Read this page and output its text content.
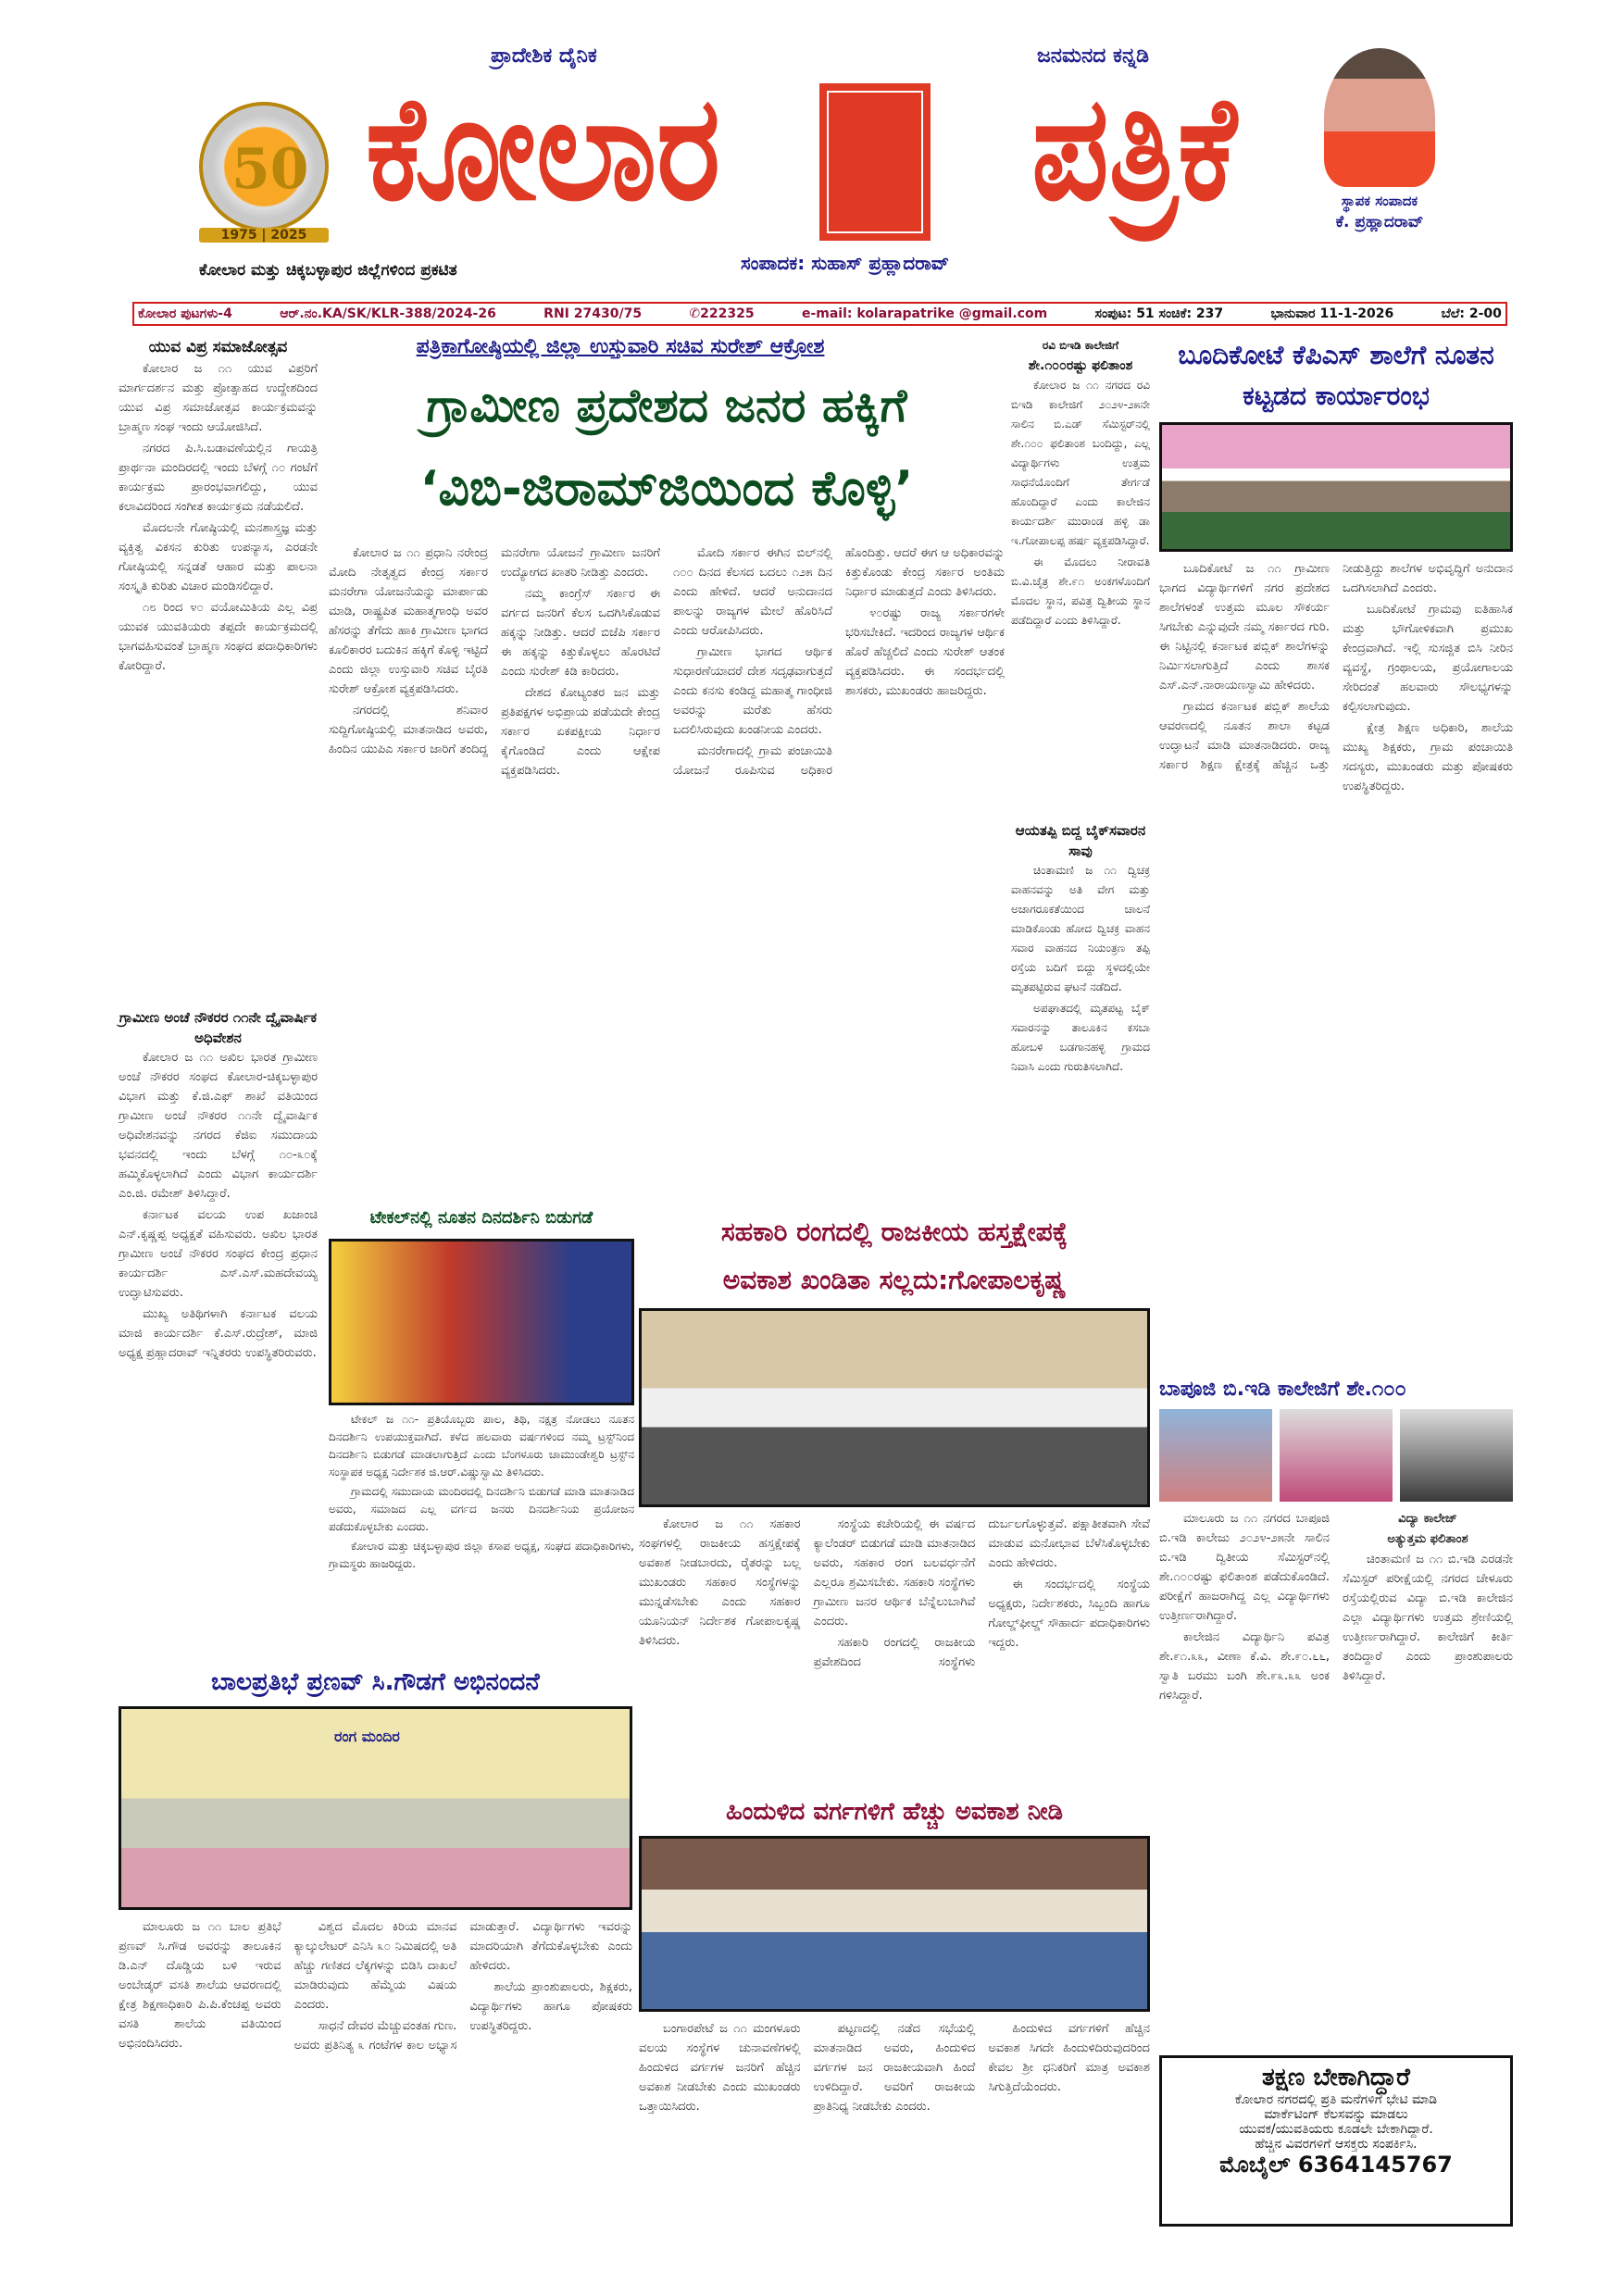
50
1975 | 2025
ಪ್ರಾದೇಶಿಕ ದೈನಿಕ	ಜನಮನದ ಕನ್ನಡಿ
ಕೋಲಾರ	ಪತ್ರಿಕೆ	ಸ್ಥಾಪಕ ಸಂಪಾದಕ
ಕೆ. ಪ್ರಹ್ಲಾದರಾವ್
ಕೋಲಾರ ಮತ್ತು ಚಿಕ್ಕಬಳ್ಳಾಪುರ ಜಿಲ್ಲೆಗಳಿಂದ ಪ್ರಕಟಿತ	ಸಂಪಾದಕ: ಸುಹಾಸ್ ಪ್ರಹ್ಲಾದರಾವ್
ಕೋಲಾರ ಪುಟಗಳು-4	ಆರ್.ನಂ.KA/SK/KLR-388/2024-26	RNI 27430/75	✆222325	e-mail: kolarapatrike @gmail.com	ಸಂಪುಟ: 51 ಸಂಚಿಕೆ: 237	ಭಾನುವಾರ 11-1-2026	ಬೆಲೆ: 2-00
ಯುವ ವಿಪ್ರ ಸಮಾಜೋತ್ಸವ

ಕೋಲಾರ ಜ ೧೧ ಯುವ ವಿಪ್ರರಿಗೆ ಮಾರ್ಗದರ್ಶನ ಮತ್ತು ಪ್ರೋತ್ಸಾಹದ ಉದ್ದೇಶದಿಂದ ಯುವ ವಿಪ್ರ ಸಮಾಜೋತ್ಸವ ಕಾರ್ಯಕ್ರಮವನ್ನು ಬ್ರಾಹ್ಮಣ ಸಂಘ ಇಂದು ಆಯೋಜಿಸಿದೆ.

ನಗರದ ಪಿ.ಸಿ.ಬಡಾವಣೆಯಲ್ಲಿನ ಗಾಯತ್ರಿ ಪ್ರಾರ್ಥನಾ ಮಂದಿರದಲ್ಲಿ ಇಂದು ಬೆಳಗ್ಗೆ ೧೦ ಗಂಟೆಗೆ ಕಾರ್ಯಕ್ರಮ ಪ್ರಾರಂಭವಾಗಲಿದ್ದು, ಯುವ ಕಲಾವಿದರಿಂದ ಸಂಗೀತ ಕಾರ್ಯಕ್ರಮ ನಡೆಯಲಿದೆ.

ಮೊದಲನೇ ಗೋಷ್ಠಿಯಲ್ಲಿ ಮನಶಾಸ್ತ್ರಜ್ಞ ಮತ್ತು ವ್ಯಕ್ತಿತ್ವ ವಿಕಸನ ಕುರಿತು ಉಪನ್ಯಾಸ, ಎರಡನೇ ಗೋಷ್ಠಿಯಲ್ಲಿ ಸನ್ನಡತೆ ಆಹಾರ ಮತ್ತು ಪಾಲನಾ ಸಂಸ್ಕೃತಿ ಕುರಿತು ವಿಚಾರ ಮಂಡಿಸಲಿದ್ದಾರೆ.

೧೮ ರಿಂದ ೪೦ ವಯೋಮಿತಿಯ ಎಲ್ಲ ವಿಪ್ರ ಯುವಕ ಯುವತಿಯರು ತಪ್ಪದೇ ಕಾರ್ಯಕ್ರಮದಲ್ಲಿ ಭಾಗವಹಿಸುವಂತೆ ಬ್ರಾಹ್ಮಣ ಸಂಘದ ಪದಾಧಿಕಾರಿಗಳು ಕೋರಿದ್ದಾರೆ.

ಗ್ರಾಮೀಣ ಅಂಚೆ ನೌಕರರ ೧೧ನೇ ದ್ವೈವಾರ್ಷಿಕ ಅಧಿವೇಶನ

ಕೋಲಾರ ಜ ೧೧ ಅಖಿಲ ಭಾರತ ಗ್ರಾಮೀಣ ಅಂಚೆ ನೌಕರರ ಸಂಘದ ಕೋಲಾರ-ಚಿಕ್ಕಬಳ್ಳಾಪುರ ವಿಭಾಗ ಮತ್ತು ಕೆ.ಜಿ.ಎಫ್ ಶಾಖೆ ವತಿಯಿಂದ ಗ್ರಾಮೀಣ ಅಂಚೆ ನೌಕರರ ೧೧ನೇ ದ್ವೈವಾರ್ಷಿಕ ಅಧಿವೇಶನವನ್ನು ನಗರದ ಕೆಜಿಐ ಸಮುದಾಯ ಭವನದಲ್ಲಿ ಇಂದು ಬೆಳಗ್ಗೆ ೧೦-೩೦ಕ್ಕೆ ಹಮ್ಮಿಕೊಳ್ಳಲಾಗಿದೆ ಎಂದು ವಿಭಾಗ ಕಾರ್ಯದರ್ಶಿ ಎಂ.ಜಿ. ರಮೇಶ್ ತಿಳಿಸಿದ್ದಾರೆ.

ಕರ್ನಾಟಕ ವಲಯ ಉಪ ಖಜಾಂಚಿ ಎನ್.ಕೃಷ್ಣಪ್ಪ ಅಧ್ಯಕ್ಷತೆ ವಹಿಸುವರು. ಅಖಿಲ ಭಾರತ ಗ್ರಾಮೀಣ ಅಂಚೆ ನೌಕರರ ಸಂಘದ ಕೇಂದ್ರ ಪ್ರಧಾನ ಕಾರ್ಯದರ್ಶಿ ಎಸ್.ಎಸ್.ಮಹದೇವಯ್ಯ ಉದ್ಘಾಟಿಸುವರು.

ಮುಖ್ಯ ಅತಿಥಿಗಳಾಗಿ ಕರ್ನಾಟಕ ವಲಯ ಮಾಜಿ ಕಾರ್ಯದರ್ಶಿ ಕೆ.ಎಸ್.ರುದ್ರೇಶ್, ಮಾಜಿ ಅಧ್ಯಕ್ಷ ಪ್ರಹ್ಲಾದರಾವ್ ಇನ್ನಿತರರು ಉಪಸ್ಥಿತರಿರುವರು.

ಪತ್ರಿಕಾಗೋಷ್ಠಿಯಲ್ಲಿ ಜಿಲ್ಲಾ ಉಸ್ತುವಾರಿ ಸಚಿವ ಸುರೇಶ್ ಆಕ್ರೋಶ
ಗ್ರಾಮೀಣ ಪ್ರದೇಶದ ಜನರ ಹಕ್ಕಿಗೆ
‘ವಿಬಿ-ಜಿರಾಮ್‌ಜಿಯಿಂದ ಕೊಳ್ಳಿ’

ಕೋಲಾರ ಜ ೧೧ ಪ್ರಧಾನಿ ನರೇಂದ್ರ ಮೋದಿ ನೇತೃತ್ವದ ಕೇಂದ್ರ ಸರ್ಕಾರ ಮನರೇಗಾ ಯೋಜನೆಯನ್ನು ಮಾರ್ಪಾಡು ಮಾಡಿ, ರಾಷ್ಟ್ರಪಿತ ಮಹಾತ್ಮಗಾಂಧಿ ಅವರ ಹೆಸರನ್ನು ತೆಗೆದು ಹಾಕಿ ಗ್ರಾಮೀಣ ಭಾಗದ ಕೂಲಿಕಾರರ ಬದುಕಿನ ಹಕ್ಕಿಗೆ ಕೊಳ್ಳಿ ಇಟ್ಟಿದೆ ಎಂದು ಜಿಲ್ಲಾ ಉಸ್ತುವಾರಿ ಸಚಿವ ಬೈರತಿ ಸುರೇಶ್ ಆಕ್ರೋಶ ವ್ಯಕ್ತಪಡಿಸಿದರು.

ನಗರದಲ್ಲಿ ಶನಿವಾರ ಸುದ್ದಿಗೋಷ್ಠಿಯಲ್ಲಿ ಮಾತನಾಡಿದ ಅವರು, ಹಿಂದಿನ ಯುಪಿಎ ಸರ್ಕಾರ ಜಾರಿಗೆ ತಂದಿದ್ದ ಮನರೇಗಾ ಯೋಜನೆ ಗ್ರಾಮೀಣ ಜನರಿಗೆ ಉದ್ಯೋಗದ ಖಾತರಿ ನೀಡಿತ್ತು ಎಂದರು.

ನಮ್ಮ ಕಾಂಗ್ರೆಸ್ ಸರ್ಕಾರ ಈ ವರ್ಗದ ಜನರಿಗೆ ಕೆಲಸ ಒದಗಿಸಿಕೊಡುವ ಹಕ್ಕನ್ನು ನೀಡಿತ್ತು. ಆದರೆ ಬಿಜೆಪಿ ಸರ್ಕಾರ ಈ ಹಕ್ಕನ್ನು ಕಿತ್ತುಕೊಳ್ಳಲು ಹೊರಟಿದೆ ಎಂದು ಸುರೇಶ್ ಕಿಡಿ ಕಾರಿದರು.

ದೇಶದ ಕೋಟ್ಯಂತರ ಜನ ಮತ್ತು ಪ್ರತಿಪಕ್ಷಗಳ ಅಭಿಪ್ರಾಯ ಪಡೆಯದೇ ಕೇಂದ್ರ ಸರ್ಕಾರ ಏಕಪಕ್ಷೀಯ ನಿರ್ಧಾರ ಕೈಗೊಂಡಿದೆ ಎಂದು ಆಕ್ಷೇಪ ವ್ಯಕ್ತಪಡಿಸಿದರು.

ಮೋದಿ ಸರ್ಕಾರ ಈಗಿನ ಬಿಲ್‌ನಲ್ಲಿ ೧೦೦ ದಿನದ ಕೆಲಸದ ಬದಲು ೧೨೫ ದಿನ ಎಂದು ಹೇಳಿದೆ. ಆದರೆ ಅನುದಾನದ ಪಾಲನ್ನು ರಾಜ್ಯಗಳ ಮೇಲೆ ಹೊರಿಸಿದೆ ಎಂದು ಆರೋಪಿಸಿದರು.

ಗ್ರಾಮೀಣ ಭಾಗದ ಆರ್ಥಿಕ ಸುಧಾರಣೆಯಾದರೆ ದೇಶ ಸದೃಢವಾಗುತ್ತದೆ ಎಂದು ಕನಸು ಕಂಡಿದ್ದ ಮಹಾತ್ಮ ಗಾಂಧೀಜಿ ಅವರನ್ನು ಮರೆತು ಹೆಸರು ಬದಲಿಸಿರುವುದು ಖಂಡನೀಯ ಎಂದರು.

ಮನರೇಗಾದಲ್ಲಿ ಗ್ರಾಮ ಪಂಚಾಯಿತಿ ಯೋಜನೆ ರೂಪಿಸುವ ಅಧಿಕಾರ ಹೊಂದಿತ್ತು. ಆದರೆ ಈಗ ಆ ಅಧಿಕಾರವನ್ನು ಕಿತ್ತುಕೊಂಡು ಕೇಂದ್ರ ಸರ್ಕಾರ ಅಂತಿಮ ನಿರ್ಧಾರ ಮಾಡುತ್ತದೆ ಎಂದು ತಿಳಿಸಿದರು.

೪೦ರಷ್ಟು ರಾಜ್ಯ ಸರ್ಕಾರಗಳೇ ಭರಿಸಬೇಕಿದೆ. ಇದರಿಂದ ರಾಜ್ಯಗಳ ಆರ್ಥಿಕ ಹೊರೆ ಹೆಚ್ಚಲಿದೆ ಎಂದು ಸುರೇಶ್ ಆತಂಕ ವ್ಯಕ್ತಪಡಿಸಿದರು. ಈ ಸಂದರ್ಭದಲ್ಲಿ ಶಾಸಕರು, ಮುಖಂಡರು ಹಾಜರಿದ್ದರು.

ರವಿ ಬಿಇಡಿ ಕಾಲೇಜಿಗೆ
ಶೇ.೧೦೦ರಷ್ಟು ಫಲಿತಾಂಶ

ಕೋಲಾರ ಜ ೧೧ ನಗರದ ರವಿ ಬಿಇಡಿ ಕಾಲೇಜಿಗೆ ೨೦೨೪-೨೫ನೇ ಸಾಲಿನ ಬಿ.ಎಡ್ ಸೆಮಿಸ್ಟರ್‌ನಲ್ಲಿ ಶೇ.೧೦೦ ಫಲಿತಾಂಶ ಬಂದಿದ್ದು, ಎಲ್ಲ ವಿದ್ಯಾರ್ಥಿಗಳು ಉತ್ತಮ ಸಾಧನೆಯೊಂದಿಗೆ ತೇರ್ಗಡೆ ಹೊಂದಿದ್ದಾರೆ ಎಂದು ಕಾಲೇಜಿನ ಕಾರ್ಯದರ್ಶಿ ಮುರಾಂಡ ಹಳ್ಳಿ ಡಾ ಇ.ಗೋಪಾಲಪ್ಪ ಹರ್ಷ ವ್ಯಕ್ತಪಡಿಸಿದ್ದಾರೆ.

ಈ ಮೊದಲು ನೀರಾವತಿ ಬಿ.ವಿ.ಚೈತ್ರ ಶೇ.೯೧ ಅಂಕಗಳೊಂದಿಗೆ ಮೊದಲ ಸ್ಥಾನ, ಪವಿತ್ರ ದ್ವಿತೀಯ ಸ್ಥಾನ ಪಡೆದಿದ್ದಾರೆ ಎಂದು ತಿಳಿಸಿದ್ದಾರೆ.

ಆಯತಪ್ಪಿ ಬಿದ್ದ ಬೈಕ್‌ಸವಾರನ ಸಾವು

ಚಿಂತಾಮಣಿ ಜ ೧೧ ದ್ವಿಚಕ್ರ ವಾಹನವನ್ನು ಅತಿ ವೇಗ ಮತ್ತು ಅಜಾಗರೂಕತೆಯಿಂದ ಚಾಲನೆ ಮಾಡಿಕೊಂಡು ಹೋದ ದ್ವಿಚಕ್ರ ವಾಹನ ಸವಾರ ವಾಹನದ ನಿಯಂತ್ರಣ ತಪ್ಪಿ ರಸ್ತೆಯ ಬದಿಗೆ ಬಿದ್ದು ಸ್ಥಳದಲ್ಲಿಯೇ ಮೃತಪಟ್ಟಿರುವ ಘಟನೆ ನಡೆದಿದೆ.

ಅಪಘಾತದಲ್ಲಿ ಮೃತಪಟ್ಟ ಬೈಕ್ ಸವಾರನನ್ನು ತಾಲೂಕಿನ ಕಸಬಾ ಹೋಬಳಿ ಬಡಗಾನಹಳ್ಳಿ ಗ್ರಾಮದ ನಿವಾಸಿ ಎಂದು ಗುರುತಿಸಲಾಗಿದೆ.

ಬೂದಿಕೋಟೆ ಕೆಪಿಎಸ್ ಶಾಲೆಗೆ ನೂತನ ಕಟ್ಟಡದ ಕಾರ್ಯಾರಂಭ

ಬೂದಿಕೋಟೆ ಜ ೧೧ ಗ್ರಾಮೀಣ ಭಾಗದ ವಿದ್ಯಾರ್ಥಿಗಳಿಗೆ ನಗರ ಪ್ರದೇಶದ ಶಾಲೆಗಳಂತೆ ಉತ್ತಮ ಮೂಲ ಸೌಕರ್ಯ ಸಿಗಬೇಕು ಎನ್ನುವುದೇ ನಮ್ಮ ಸರ್ಕಾರದ ಗುರಿ. ಈ ನಿಟ್ಟಿನಲ್ಲಿ ಕರ್ನಾಟಕ ಪಬ್ಲಿಕ್ ಶಾಲೆಗಳನ್ನು ನಿರ್ಮಿಸಲಾಗುತ್ತಿದೆ ಎಂದು ಶಾಸಕ ಎಸ್.ಎನ್.ನಾರಾಯಣಸ್ವಾಮಿ ಹೇಳಿದರು.

ಗ್ರಾಮದ ಕರ್ನಾಟಕ ಪಬ್ಲಿಕ್ ಶಾಲೆಯ ಆವರಣದಲ್ಲಿ ನೂತನ ಶಾಲಾ ಕಟ್ಟಡ ಉದ್ಘಾಟನೆ ಮಾಡಿ ಮಾತನಾಡಿದರು. ರಾಜ್ಯ ಸರ್ಕಾರ ಶಿಕ್ಷಣ ಕ್ಷೇತ್ರಕ್ಕೆ ಹೆಚ್ಚಿನ ಒತ್ತು ನೀಡುತ್ತಿದ್ದು ಶಾಲೆಗಳ ಅಭಿವೃದ್ಧಿಗೆ ಅನುದಾನ ಒದಗಿಸಲಾಗಿದೆ ಎಂದರು.

ಬೂದಿಕೋಟೆ ಗ್ರಾಮವು ಐತಿಹಾಸಿಕ ಮತ್ತು ಭೌಗೋಳಿಕವಾಗಿ ಪ್ರಮುಖ ಕೇಂದ್ರವಾಗಿದೆ. ಇಲ್ಲಿ ಸುಸಜ್ಜಿತ ಬಿಸಿ ನೀರಿನ ವ್ಯವಸ್ಥೆ, ಗ್ರಂಥಾಲಯ, ಪ್ರಯೋಗಾಲಯ ಸೇರಿದಂತೆ ಹಲವಾರು ಸೌಲಭ್ಯಗಳನ್ನು ಕಲ್ಪಿಸಲಾಗುವುದು.

ಕ್ಷೇತ್ರ ಶಿಕ್ಷಣ ಅಧಿಕಾರಿ, ಶಾಲೆಯ ಮುಖ್ಯ ಶಿಕ್ಷಕರು, ಗ್ರಾಮ ಪಂಚಾಯಿತಿ ಸದಸ್ಯರು, ಮುಖಂಡರು ಮತ್ತು ಪೋಷಕರು ಉಪಸ್ಥಿತರಿದ್ದರು.

ಬಾಪೂಜಿ ಬಿ.ಇಡಿ ಕಾಲೇಜಿಗೆ ಶೇ.೧೦೦

ಮಾಲೂರು ಜ ೧೧ ನಗರದ ಬಾಪೂಜಿ ಬಿ.ಇಡಿ ಕಾಲೇಜು ೨೦೨೪-೨೫ನೇ ಸಾಲಿನ ಬಿ.ಇಡಿ ದ್ವಿತೀಯ ಸೆಮಿಸ್ಟರ್‌ನಲ್ಲಿ ಶೇ.೧೦೦ರಷ್ಟು ಫಲಿತಾಂಶ ಪಡೆದುಕೊಂಡಿದೆ. ಪರೀಕ್ಷೆಗೆ ಹಾಜರಾಗಿದ್ದ ಎಲ್ಲ ವಿದ್ಯಾರ್ಥಿಗಳು ಉತ್ತೀರ್ಣರಾಗಿದ್ದಾರೆ.

ಕಾಲೇಜಿನ ವಿದ್ಯಾರ್ಥಿನಿ ಪವಿತ್ರ ಶೇ.೯೧.೩೩, ವೀಣಾ ಕೆ.ವಿ. ಶೇ.೯೦.೬೬, ಸ್ವಾತಿ ಬರಮು ಬಂಗಿ ಶೇ.೯೩.೩೩ ಅಂಕ ಗಳಿಸಿದ್ದಾರೆ.

ವಿದ್ಯಾ ಕಾಲೇಜ್
ಅತ್ಯುತ್ತಮ ಫಲಿತಾಂಶ

ಚಿಂತಾಮಣಿ ಜ ೧೧ ಬಿ.ಇಡಿ ಎರಡನೇ ಸೆಮಿಸ್ಟರ್ ಪರೀಕ್ಷೆಯಲ್ಲಿ ನಗರದ ಚೇಳೂರು ರಸ್ತೆಯಲ್ಲಿರುವ ವಿದ್ಯಾ ಬಿ.ಇಡಿ ಕಾಲೇಜಿನ ಎಲ್ಲಾ ವಿದ್ಯಾರ್ಥಿಗಳು ಉತ್ತಮ ಶ್ರೇಣಿಯಲ್ಲಿ ಉತ್ತೀರ್ಣರಾಗಿದ್ದಾರೆ. ಕಾಲೇಜಿಗೆ ಕೀರ್ತಿ ತಂದಿದ್ದಾರೆ ಎಂದು ಪ್ರಾಂಶುಪಾಲರು ತಿಳಿಸಿದ್ದಾರೆ.

ತಕ್ಷಣ ಬೇಕಾಗಿದ್ದಾರೆ
ಕೋಲಾರ ನಗರದಲ್ಲಿ ಪ್ರತಿ ಮನೆಗಳಿಗೆ ಭೇಟಿ ಮಾಡಿ
ಮಾರ್ಕೆಟಿಂಗ್ ಕೆಲಸವನ್ನು ಮಾಡಲು
ಯುವಕ/ಯುವತಿಯರು ಕೂಡಲೇ ಬೇಕಾಗಿದ್ದಾರೆ.
ಹೆಚ್ಚಿನ ವಿವರಗಳಿಗೆ ಆಸಕ್ತರು ಸಂಪರ್ಕಿಸಿ.
ಮೊಬೈಲ್ 6364145767
ಟೇಕಲ್‌ನಲ್ಲಿ ನೂತನ ದಿನದರ್ಶಿನಿ ಬಿಡುಗಡೆ

ಟೇಕಲ್ ಜ ೧೧- ಪ್ರತಿಯೊಬ್ಬರು ಪಾಲ, ತಿಥಿ, ನಕ್ಷತ್ರ ನೋಡಲು ನೂತನ ದಿನದರ್ಶಿನಿ ಉಪಯುಕ್ತವಾಗಿದೆ. ಕಳೆದ ಹಲವಾರು ವರ್ಷಗಳಿಂದ ನಮ್ಮ ಟ್ರಸ್ಟ್‌ನಿಂದ ದಿನದರ್ಶಿನಿ ಬಿಡುಗಡೆ ಮಾಡಲಾಗುತ್ತಿದೆ ಎಂದು ಬೆಂಗಳೂರು ಚಾಮುಂಡೇಶ್ವರಿ ಟ್ರಸ್ಟ್‌ನ ಸಂಸ್ಥಾಪಕ ಅಧ್ಯಕ್ಷ ನಿರ್ದೇಶಕ ಜಿ.ಆರ್.ವಿಷ್ಣುಸ್ವಾಮಿ ತಿಳಿಸಿದರು.

ಗ್ರಾಮದಲ್ಲಿ ಸಮುದಾಯ ಮಂದಿರದಲ್ಲಿ ದಿನದರ್ಶಿನಿ ಬಿಡುಗಡೆ ಮಾಡಿ ಮಾತನಾಡಿದ ಅವರು, ಸಮಾಜದ ಎಲ್ಲ ವರ್ಗದ ಜನರು ದಿನದರ್ಶಿನಿಯ ಪ್ರಯೋಜನ ಪಡೆದುಕೊಳ್ಳಬೇಕು ಎಂದರು.

ಕೋಲಾರ ಮತ್ತು ಚಿಕ್ಕಬಳ್ಳಾಪುರ ಜಿಲ್ಲಾ ಕಸಾಪ ಅಧ್ಯಕ್ಷ, ಸಂಘದ ಪದಾಧಿಕಾರಿಗಳು, ಗ್ರಾಮಸ್ಥರು ಹಾಜರಿದ್ದರು.

ಸಹಕಾರಿ ರಂಗದಲ್ಲಿ ರಾಜಕೀಯ ಹಸ್ತಕ್ಷೇಪಕ್ಕೆ
ಅವಕಾಶ ಖಂಡಿತಾ ಸಲ್ಲದು:ಗೋಪಾಲಕೃಷ್ಣ

ಕೋಲಾರ ಜ ೧೧ ಸಹಕಾರ ಸಂಘಗಳಲ್ಲಿ ರಾಜಕೀಯ ಹಸ್ತಕ್ಷೇಪಕ್ಕೆ ಅವಕಾಶ ನೀಡಬಾರದು, ರೈತರನ್ನು ಬಲ್ಲ ಮುಖಂಡರು ಸಹಕಾರ ಸಂಸ್ಥೆಗಳನ್ನು ಮುನ್ನಡೆಸಬೇಕು ಎಂದು ಸಹಕಾರ ಯೂನಿಯನ್ ನಿರ್ದೇಶಕ ಗೋಪಾಲಕೃಷ್ಣ ತಿಳಿಸಿದರು.

ಸಂಸ್ಥೆಯ ಕಚೇರಿಯಲ್ಲಿ ಈ ವರ್ಷದ ಕ್ಯಾಲೆಂಡರ್ ಬಿಡುಗಡೆ ಮಾಡಿ ಮಾತನಾಡಿದ ಅವರು, ಸಹಕಾರ ರಂಗ ಬಲವರ್ಧನೆಗೆ ಎಲ್ಲರೂ ಶ್ರಮಿಸಬೇಕು. ಸಹಕಾರಿ ಸಂಸ್ಥೆಗಳು ಗ್ರಾಮೀಣ ಜನರ ಆರ್ಥಿಕ ಬೆನ್ನೆಲುಬಾಗಿವೆ ಎಂದರು.

ಸಹಕಾರಿ ರಂಗದಲ್ಲಿ ರಾಜಕೀಯ ಪ್ರವೇಶದಿಂದ ಸಂಸ್ಥೆಗಳು ದುರ್ಬಲಗೊಳ್ಳುತ್ತವೆ. ಪಕ್ಷಾತೀತವಾಗಿ ಸೇವೆ ಮಾಡುವ ಮನೋಭಾವ ಬೆಳೆಸಿಕೊಳ್ಳಬೇಕು ಎಂದು ಹೇಳಿದರು.

ಈ ಸಂದರ್ಭದಲ್ಲಿ ಸಂಸ್ಥೆಯ ಅಧ್ಯಕ್ಷರು, ನಿರ್ದೇಶಕರು, ಸಿಬ್ಬಂದಿ ಹಾಗೂ ಗೋಲ್ಡ್‌ಫೀಲ್ಡ್ ಸೌಹಾರ್ದ ಪದಾಧಿಕಾರಿಗಳು ಇದ್ದರು.

ಬಾಲಪ್ರತಿಭೆ ಪ್ರಣವ್ ಸಿ.ಗೌಡಗೆ ಅಭಿನಂದನೆ
ರಂಗ ಮಂದಿರ

ಮಾಲೂರು ಜ ೧೧ ಬಾಲ ಪ್ರತಿಭೆ ಪ್ರಣವ್ ಸಿ.ಗೌಡ ಅವರನ್ನು ತಾಲೂಕಿನ ಡಿ.ಎನ್ ದೊಡ್ಡಿಯ ಬಳಿ ಇರುವ ಅಂಬೇಡ್ಕರ್ ವಸತಿ ಶಾಲೆಯ ಆವರಣದಲ್ಲಿ ಕ್ಷೇತ್ರ ಶಿಕ್ಷಣಾಧಿಕಾರಿ ಪಿ.ಪಿ.ಕೆಂಚಪ್ಪ ಅವರು ವಸತಿ ಶಾಲೆಯ ವತಿಯಿಂದ ಅಭಿನಂದಿಸಿದರು.

ವಿಶ್ವದ ಮೊದಲ ಕಿರಿಯ ಮಾನವ ಕ್ಯಾಲ್ಕುಲೇಟರ್ ಎನಿಸಿ ೩೦ ನಿಮಿಷದಲ್ಲಿ ಅತಿ ಹೆಚ್ಚು ಗಣಿತದ ಲೆಕ್ಕಗಳನ್ನು ಬಿಡಿಸಿ ದಾಖಲೆ ಮಾಡಿರುವುದು ಹೆಮ್ಮೆಯ ವಿಷಯ ಎಂದರು.

ಸಾಧನೆ ದೇವರ ಮೆಚ್ಚುವಂತಹ ಗುಣ. ಅವರು ಪ್ರತಿನಿತ್ಯ ೩ ಗಂಟೆಗಳ ಕಾಲ ಅಭ್ಯಾಸ ಮಾಡುತ್ತಾರೆ. ವಿದ್ಯಾರ್ಥಿಗಳು ಇವರನ್ನು ಮಾದರಿಯಾಗಿ ತೆಗೆದುಕೊಳ್ಳಬೇಕು ಎಂದು ಹೇಳಿದರು.

ಶಾಲೆಯ ಪ್ರಾಂಶುಪಾಲರು, ಶಿಕ್ಷಕರು, ವಿದ್ಯಾರ್ಥಿಗಳು ಹಾಗೂ ಪೋಷಕರು ಉಪಸ್ಥಿತರಿದ್ದರು.

ಹಿಂದುಳಿದ ವರ್ಗಗಳಿಗೆ ಹೆಚ್ಚು ಅವಕಾಶ ನೀಡಿ

ಬಂಗಾರಪೇಟೆ ಜ ೧೧ ಮಂಗಳೂರು ವಲಯ ಸಂಸ್ಥೆಗಳ ಚುನಾವಣೆಗಳಲ್ಲಿ ಹಿಂದುಳಿದ ವರ್ಗಗಳ ಜನರಿಗೆ ಹೆಚ್ಚಿನ ಅವಕಾಶ ನೀಡಬೇಕು ಎಂದು ಮುಖಂಡರು ಒತ್ತಾಯಿಸಿದರು.

ಪಟ್ಟಣದಲ್ಲಿ ನಡೆದ ಸಭೆಯಲ್ಲಿ ಮಾತನಾಡಿದ ಅವರು, ಹಿಂದುಳಿದ ವರ್ಗಗಳ ಜನ ರಾಜಕೀಯವಾಗಿ ಹಿಂದೆ ಉಳಿದಿದ್ದಾರೆ. ಅವರಿಗೆ ರಾಜಕೀಯ ಪ್ರಾತಿನಿಧ್ಯ ನೀಡಬೇಕು ಎಂದರು.

ಹಿಂದುಳಿದ ವರ್ಗಗಳಿಗೆ ಹೆಚ್ಚಿನ ಅವಕಾಶ ಸಿಗದೇ ಹಿಂದುಳಿದಿರುವುದರಿಂದ ಕೇವಲ ಶ್ರೀ ಧನಿಕರಿಗೆ ಮಾತ್ರ ಅವಕಾಶ ಸಿಗುತ್ತಿದೆಯೆಂದರು.
